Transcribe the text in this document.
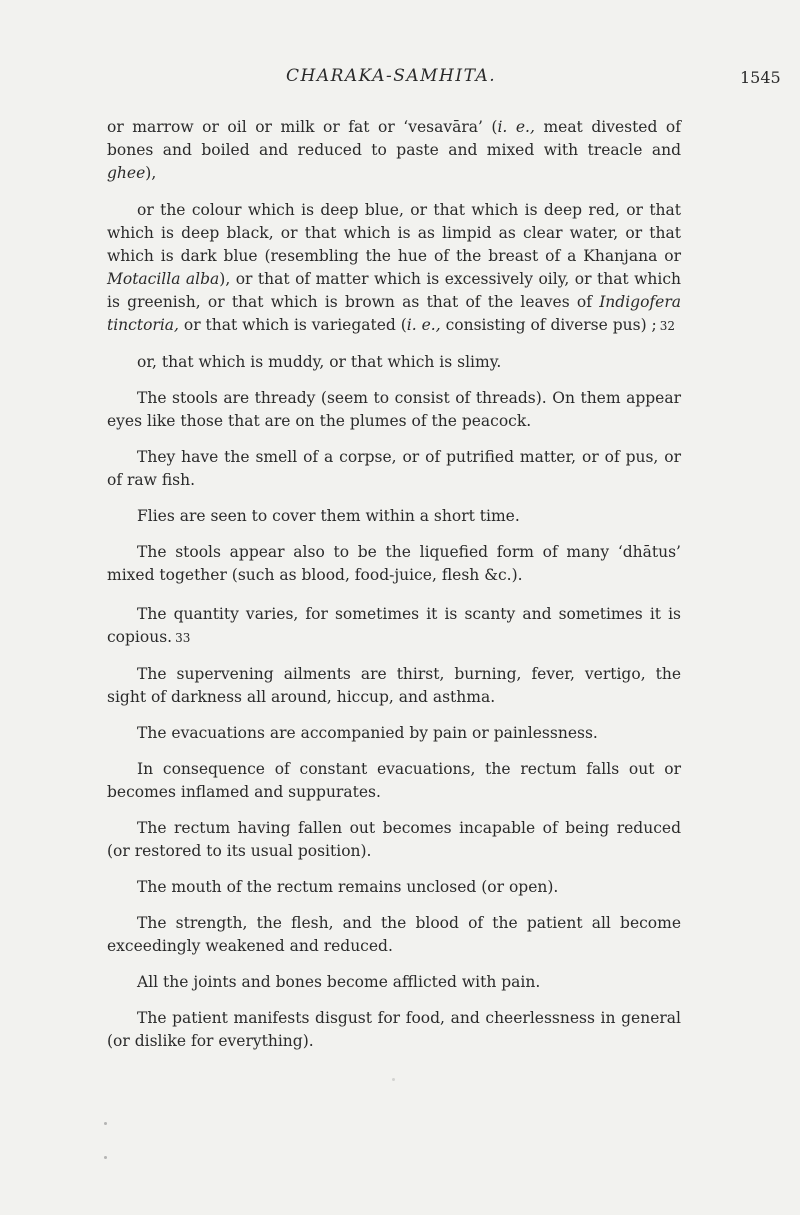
CHARAKA-SAMHITA.	1545

or marrow or oil or milk or fat or ‘vesavāra’ (i. e., meat divested of bones and boiled and reduced to paste and mixed with treacle and ghee),

or the colour which is deep blue, or that which is deep red, or that which is deep black, or that which is as limpid as clear water, or that which is dark blue (resembling the hue of the breast of a Khanjana or Motacilla alba), or that of matter which is excessively oily, or that which is greenish, or that which is brown as that of the leaves of Indigofera tinctoria, or that which is variegated (i. e., consisting of diverse pus) ; 32

or, that which is muddy, or that which is slimy.

The stools are thready (seem to consist of threads). On them appear eyes like those that are on the plumes of the peacock.

They have the smell of a corpse, or of putrified matter, or of pus, or of raw fish.

Flies are seen to cover them within a short time.

The stools appear also to be the liquefied form of many ‘dhātus’ mixed together (such as blood, food-juice, flesh &c.).

The quantity varies, for sometimes it is scanty and sometimes it is copious. 33

The supervening ailments are thirst, burning, fever, vertigo, the sight of darkness all around, hiccup, and asthma.

The evacuations are accompanied by pain or painlessness.

In consequence of constant evacuations, the rectum falls out or becomes inflamed and suppurates.

The rectum having fallen out becomes incapable of being reduced (or restored to its usual position).

The mouth of the rectum remains unclosed (or open).

The strength, the flesh, and the blood of the patient all become exceedingly weakened and reduced.

All the joints and bones become afflicted with pain.

The patient manifests disgust for food, and cheerlessness in general (or dislike for everything).
